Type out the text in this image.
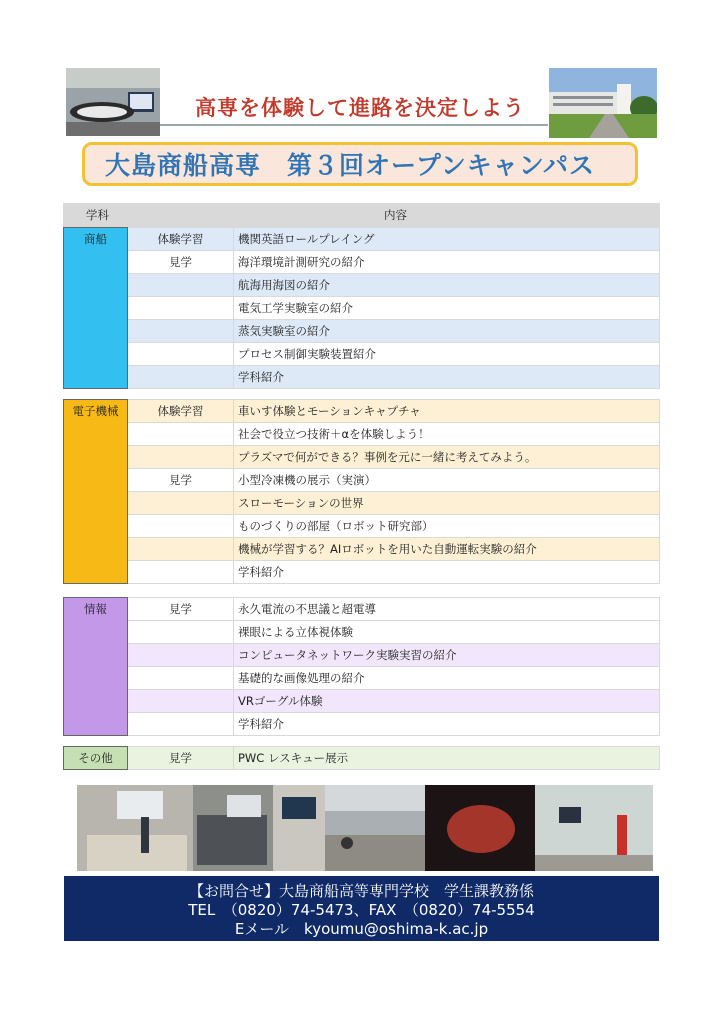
高専を体験して進路を決定しよう
大島商船高専 第３回オープンキャンパス
学科	内容
商船	体験学習	機関英語ロールプレイング
	見学	海洋環境計測研究の紹介
		航海用海図の紹介
		電気工学実験室の紹介
		蒸気実験室の紹介
		プロセス制御実験装置紹介
		学科紹介
電子機械	体験学習	車いす体験とモーションキャプチャ
		社会で役立つ技術＋αを体験しよう！
		プラズマで何ができる？事例を元に一緒に考えてみよう。
	見学	小型冷凍機の展示（実演）
		スローモーションの世界
		ものづくりの部屋（ロボット研究部）
		機械が学習する？AIロボットを用いた自動運転実験の紹介
		学科紹介
情報	見学	永久電流の不思議と超電導
		裸眼による立体視体験
		コンピュータネットワーク実験実習の紹介
		基礎的な画像処理の紹介
		VRゴーグル体験
		学科紹介
その他	見学	PWC レスキュー展示
【お問合せ】大島商船高等専門学校　学生課教務係
TEL　（0820）74-5473、FAX　（0820）74-5554
Eメール　kyoumu@oshima-k.ac.jp
